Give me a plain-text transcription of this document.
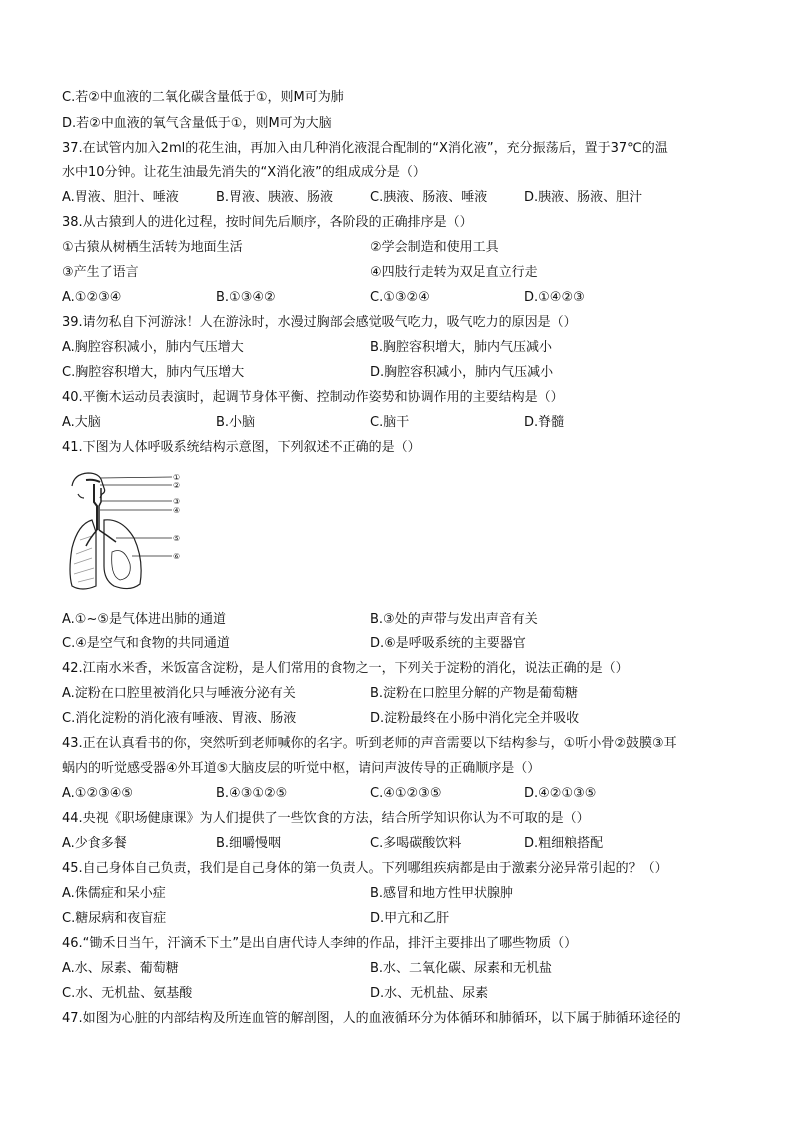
C.若②中血液的二氧化碳含量低于①，则M可为肺
D.若②中血液的氧气含量低于①，则M可为大脑
37.在试管内加入2ml的花生油，再加入由几种消化液混合配制的“X消化液”，充分振荡后，置于37℃的温
水中10分钟。让花生油最先消失的“X消化液”的组成成分是（）
A.胃液、胆汁、唾液	B.胃液、胰液、肠液	C.胰液、肠液、唾液	D.胰液、肠液、胆汁
38.从古猿到人的进化过程，按时间先后顺序，各阶段的正确排序是（）
①古猿从树栖生活转为地面生活	②学会制造和使用工具
③产生了语言	④四肢行走转为双足直立行走
A.①②③④	B.①③④②	C.①③②④	D.①④②③
39.请勿私自下河游泳！人在游泳时，水漫过胸部会感觉吸气吃力，吸气吃力的原因是（）
A.胸腔容积减小，肺内气压增大	B.胸腔容积增大，肺内气压减小
C.胸腔容积增大，肺内气压增大	D.胸腔容积减小，肺内气压减小
40.平衡木运动员表演时，起调节身体平衡、控制动作姿势和协调作用的主要结构是（）
A.大脑	B.小脑	C.脑干	D.脊髓
41.下图为人体呼吸系统结构示意图，下列叙述不正确的是（）
①
②
③
④
⑤
⑥
A.①~⑤是气体进出肺的通道	B.③处的声带与发出声音有关
C.④是空气和食物的共同通道	D.⑥是呼吸系统的主要器官
42.江南水米香，米饭富含淀粉，是人们常用的食物之一，下列关于淀粉的消化，说法正确的是（）
A.淀粉在口腔里被消化只与唾液分泌有关	B.淀粉在口腔里分解的产物是葡萄糖
C.消化淀粉的消化液有唾液、胃液、肠液	D.淀粉最终在小肠中消化完全并吸收
43.正在认真看书的你，突然听到老师喊你的名字。听到老师的声音需要以下结构参与，①听小骨②鼓膜③耳
蜗内的听觉感受器④外耳道⑤大脑皮层的听觉中枢，请问声波传导的正确顺序是（）
A.①②③④⑤	B.④③①②⑤	C.④①②③⑤	D.④②①③⑤
44.央视《职场健康课》为人们提供了一些饮食的方法，结合所学知识你认为不可取的是（）
A.少食多餐	B.细嚼慢咽	C.多喝碳酸饮料	D.粗细粮搭配
45.自己身体自己负责，我们是自己身体的第一负责人。下列哪组疾病都是由于激素分泌异常引起的？（）
A.侏儒症和呆小症	B.感冒和地方性甲状腺肿
C.糖尿病和夜盲症	D.甲亢和乙肝
46.“锄禾日当午，汗滴禾下土”是出自唐代诗人李绅的作品，排汗主要排出了哪些物质（）
A.水、尿素、葡萄糖	B.水、二氧化碳、尿素和无机盐
C.水、无机盐、氨基酸	D.水、无机盐、尿素
47.如图为心脏的内部结构及所连血管的解剖图，人的血液循环分为体循环和肺循环，以下属于肺循环途径的
